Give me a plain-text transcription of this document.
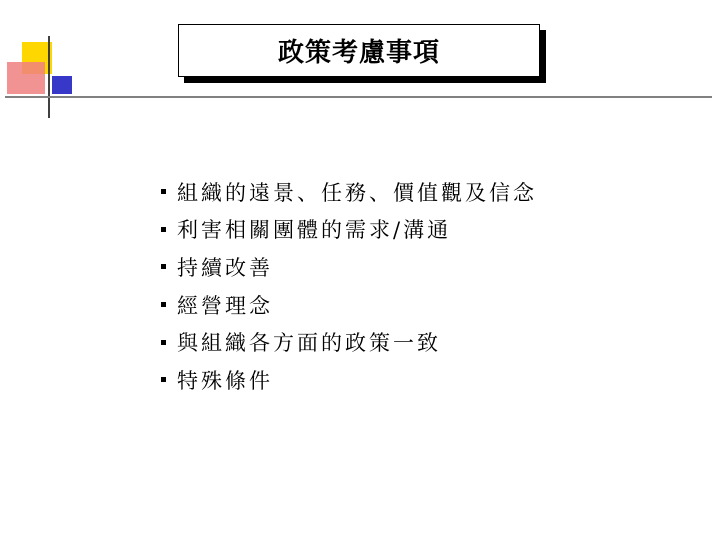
政策考慮事項
組織的遠景、任務、價值觀及信念
利害相關團體的需求/溝通
持續改善
經營理念
與組織各方面的政策一致
特殊條件
